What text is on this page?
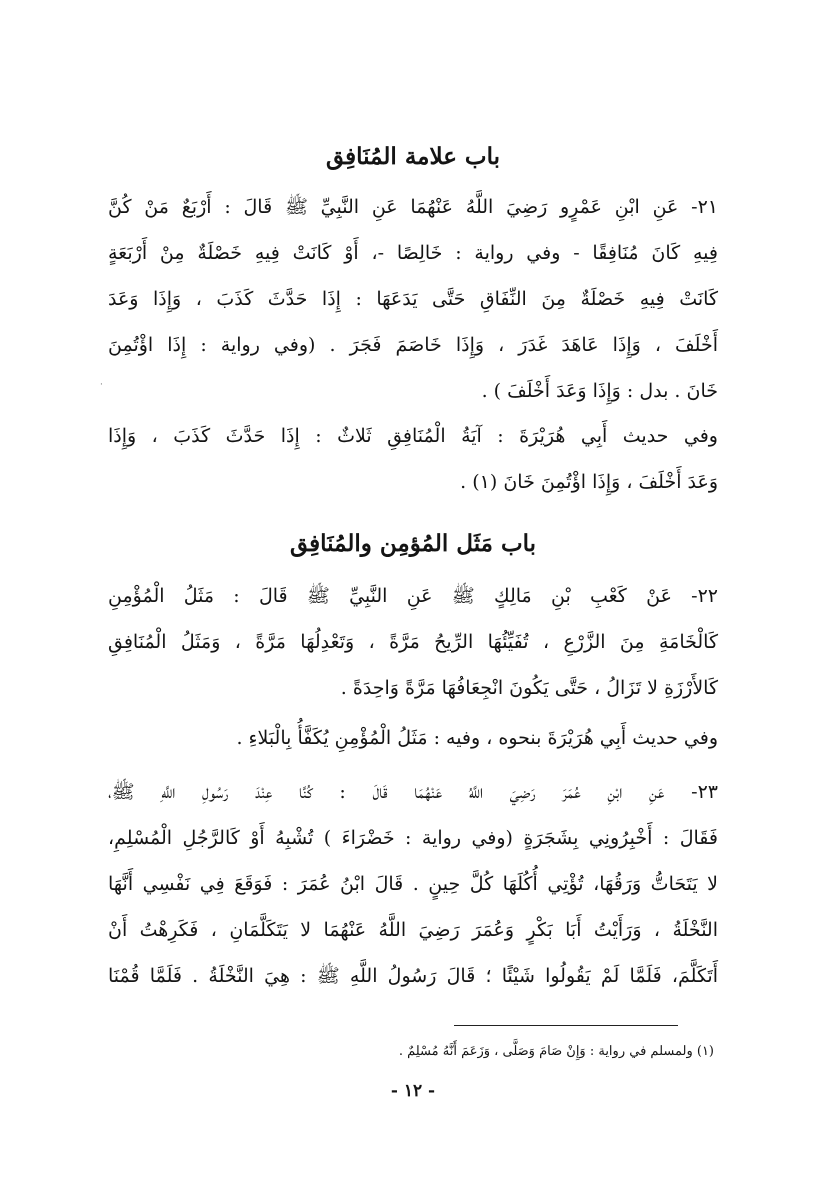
·
باب علامة المُنَافِق
٢١- عَنِ ابْنِ عَمْرٍو رَضِيَ اللَّهُ عَنْهُمَا عَنِ النَّبِيِّ ﷺ قَالَ : أَرْبَعٌ مَنْ كُنَّ
فِيهِ كَانَ مُنَافِقًا - وفي رواية : خَالِصًا -، أَوْ كَانَتْ فِيهِ خَصْلَةٌ مِنْ أَرْبَعَةٍ
كَانَتْ فِيهِ خَصْلَةٌ مِنَ النِّفَاقِ حَتَّى يَدَعَهَا : إِذَا حَدَّثَ كَذَبَ ، وَإِذَا وَعَدَ
أَخْلَفَ ، وَإِذَا عَاهَدَ غَدَرَ ، وَإِذَا خَاصَمَ فَجَرَ . (وفي رواية : إِذَا اؤْتُمِنَ
خَانَ . بدل : وَإِذَا وَعَدَ أَخْلَفَ ) .
وفي حديث أَبِي هُرَيْرَةَ : آيَةُ الْمُنَافِقِ ثَلاثٌ : إِذَا حَدَّثَ كَذَبَ ، وَإِذَا
وَعَدَ أَخْلَفَ ، وَإِذَا اؤْتُمِنَ خَانَ (١) .
باب مَثَل المُؤمِن والمُنَافِق
٢٢- عَنْ كَعْبِ بْنِ مَالِكٍ ﷺ عَنِ النَّبِيِّ ﷺ قَالَ : مَثَلُ الْمُؤْمِنِ
كَالْخَامَةِ مِنَ الزَّرْعِ ، تُفَيِّئُهَا الرِّيحُ مَرَّةً ، وَتَعْدِلُهَا مَرَّةً ، وَمَثَلُ الْمُنَافِقِ
كَالأَرْزَةِ لا تَزَالُ ، حَتَّى يَكُونَ انْجِعَافُهَا مَرَّةً وَاحِدَةً .
وفي حديث أَبِي هُرَيْرَةَ بنحوه ، وفيه : مَثَلُ الْمُؤْمِنِ يُكَفَّأُ بِالْبَلاءِ .
٢٣- عَنِ ابْنِ عُمَرَ رَضِيَ اللَّهُ عَنْهُمَا قَالَ : كُنَّا عِنْدَ رَسُولِ اللَّهِ ﷺ،
فَقَالَ : أَخْبِرُونِي بِشَجَرَةٍ (وفي رواية : خَضْرَاءَ ) تُشْبِهُ أَوْ كَالرَّجُلِ الْمُسْلِمِ،
لا يَتَحَاتُّ وَرَقُهَا، تُؤْتِي أُكُلَهَا كُلَّ حِينٍ . قَالَ ابْنُ عُمَرَ : فَوَقَعَ فِي نَفْسِي أَنَّهَا
النَّخْلَةُ ، وَرَأَيْتُ أَبَا بَكْرٍ وَعُمَرَ رَضِيَ اللَّهُ عَنْهُمَا لا يَتَكَلَّمَانِ ، فَكَرِهْتُ أَنْ
أَتَكَلَّمَ، فَلَمَّا لَمْ يَقُولُوا شَيْئًا ؛ قَالَ رَسُولُ اللَّهِ ﷺ : هِيَ النَّخْلَةُ . فَلَمَّا قُمْنَا
(١) ولمسلم في رواية : وَإِنْ صَامَ وَصَلَّى ، وَزَعَمَ أَنَّهُ مُسْلِمٌ .
- ١٢ -
